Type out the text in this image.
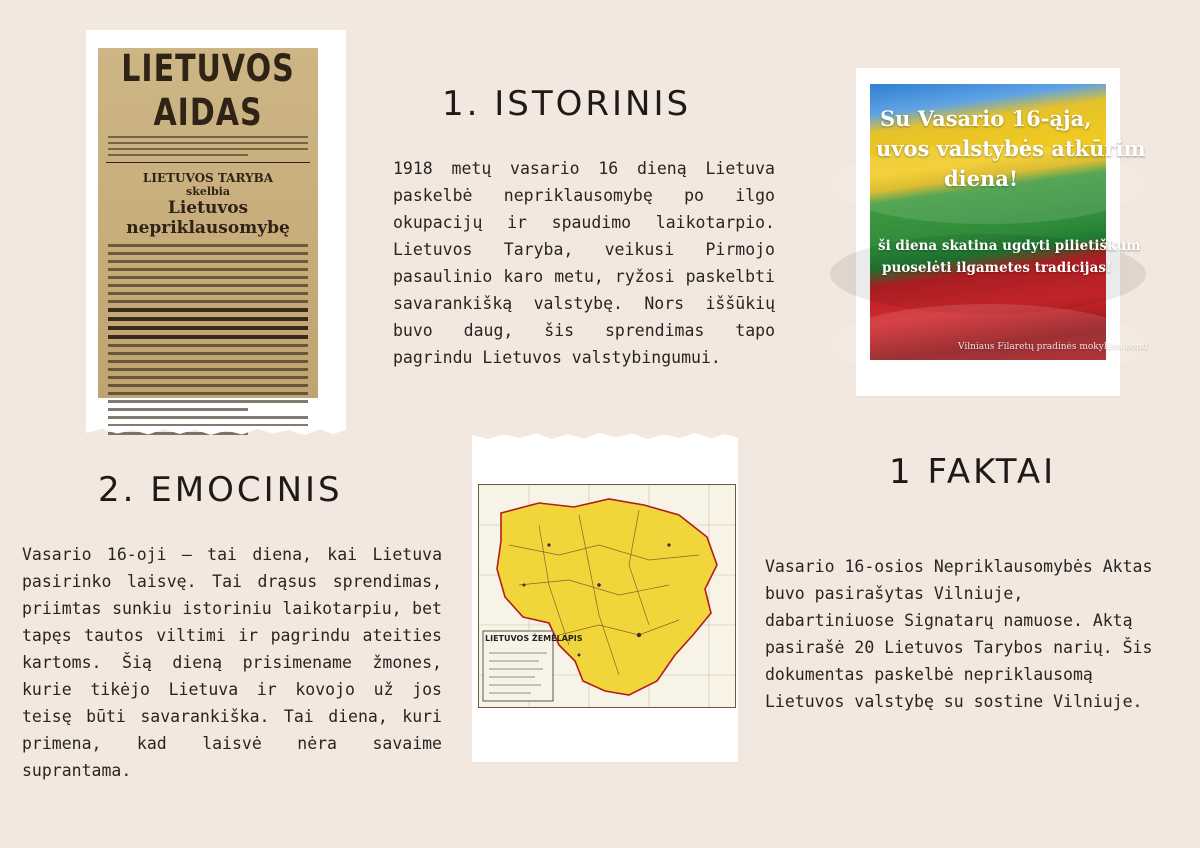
LIETUVOS AIDAS
LIETUVOS TARYBA
skelbia
Lietuvos nepriklausomybę
Su Vasario 16-ąja,
uvos valstybės atkūrim
diena!
ši diena skatina ugdyti pilietiškum
puoselėti ilgametes tradicijas!
Vilniaus Filaretų pradinės mokyklos bend
LIETUVOS ŽEMĖLAPIS
1. ISTORINIS

1918 metų vasario 16 dieną Lietuva paskelbė nepriklausomybę po ilgo okupacijų ir spaudimo laikotarpio. Lietuvos Taryba, veikusi Pirmojo pasaulinio karo metu, ryžosi paskelbti savarankišką valstybę. Nors iššūkių buvo daug, šis sprendimas tapo pagrindu Lietuvos valstybingumui.

2. EMOCINIS

Vasario 16-oji – tai diena, kai Lietuva pasirinko laisvę. Tai drąsus sprendimas, priimtas sunkiu istoriniu laikotarpiu, bet tapęs tautos viltimi ir pagrindu ateities kartoms. Šią dieną prisimename žmones, kurie tikėjo Lietuva ir kovojo už jos teisę būti savarankiška. Tai diena, kuri primena, kad laisvė nėra savaime suprantama.

1 FAKTAI

Vasario 16-osios Nepriklausomybės Aktas buvo pasirašytas Vilniuje, dabartiniuose Signatarų namuose. Aktą pasirašė 20 Lietuvos Tarybos narių. Šis dokumentas paskelbė nepriklausomą Lietuvos valstybę su sostine Vilniuje.
